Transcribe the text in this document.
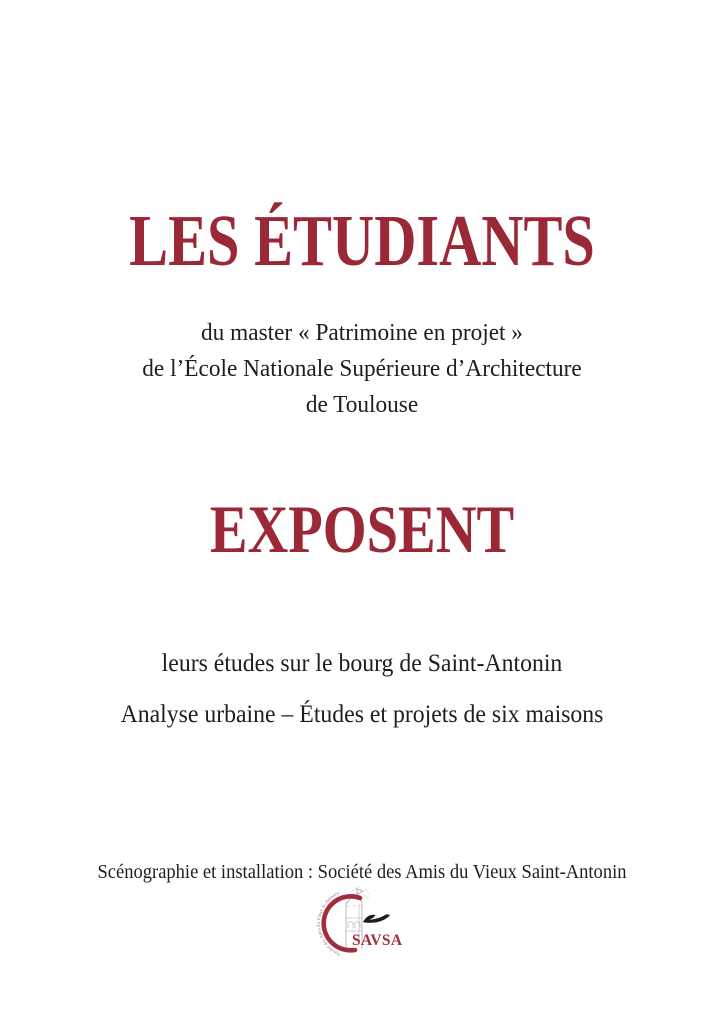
LES ÉTUDIANTS
du master « Patrimoine en projet »
de l’École Nationale Supérieure d’Architecture
de Toulouse
EXPOSENT
leurs études sur le bourg de Saint-Antonin
Analyse urbaine – Études et projets de six maisons
Scénographie et installation : Société des Amis du Vieux Saint-Antonin
Société des Amis du Vieux St-Antonin
SAVSA
